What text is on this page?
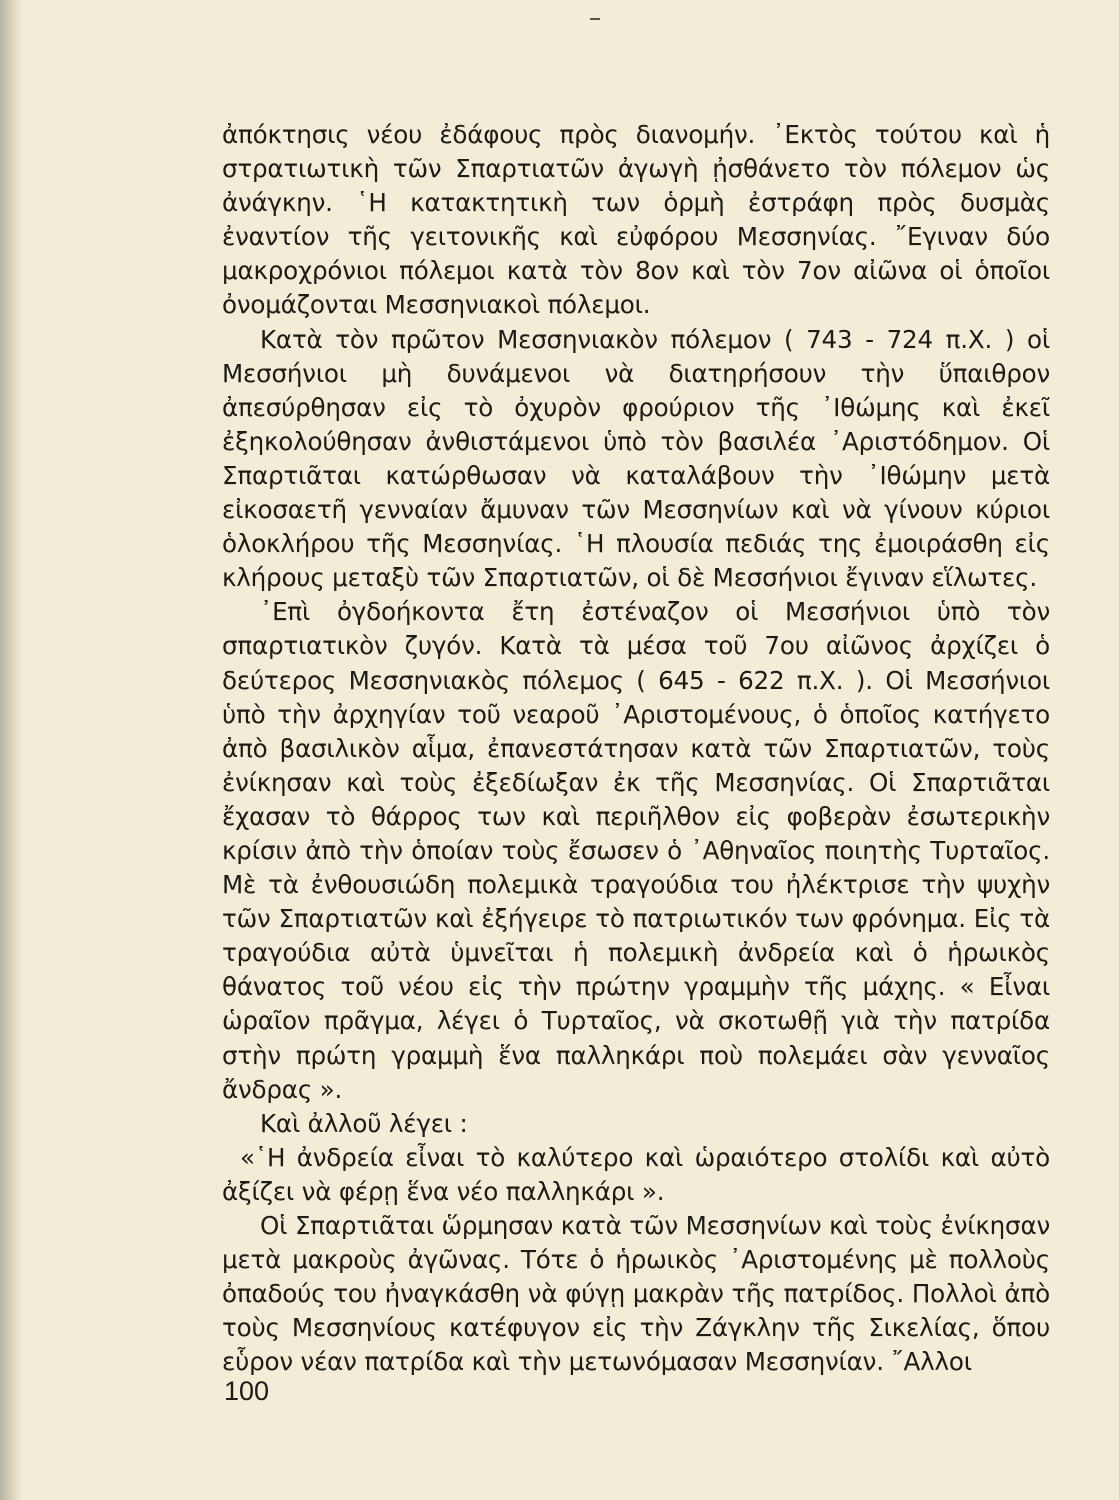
ἀπόκτησις νέου ἐδάφους πρὸς διανομήν. ᾿Εκτὸς τούτου καὶ ἡ στρατιωτικὴ τῶν Σπαρτιατῶν ἀγωγὴ ᾐσθάνετο τὸν πόλεμον ὡς ἀνάγκην. ῾Η κατακτητικὴ των ὁρμὴ ἐστράφη πρὸς δυσμὰς ἐναντίον τῆς γειτονικῆς καὶ εὐφόρου Μεσσηνίας. ῎Εγιναν δύο μακροχρόνιοι πόλεμοι κατὰ τὸν 8ον καὶ τὸν 7ον αἰῶνα οἱ ὁποῖοι ὀνομάζονται Μεσσηνιακοὶ πόλεμοι.

Κατὰ τὸν πρῶτον Μεσσηνιακὸν πόλεμον ( 743 - 724 π.Χ. ) οἱ Μεσσήνιοι μὴ δυνάμενοι νὰ διατηρήσουν τὴν ὕπαιθρον ἀπεσύρθησαν εἰς τὸ ὀχυρὸν φρούριον τῆς ᾿Ιθώμης καὶ ἐκεῖ ἐξηκολούθησαν ἀνθιστάμενοι ὑπὸ τὸν βασιλέα ᾿Αριστόδημον. Οἱ Σπαρτιᾶται κατώρθωσαν νὰ καταλάβουν τὴν ᾿Ιθώμην μετὰ εἰκοσαετῆ γενναίαν ἄμυναν τῶν Μεσσηνίων καὶ νὰ γίνουν κύριοι ὁλοκλήρου τῆς Μεσσηνίας. ῾Η πλουσία πεδιάς της ἐμοιράσθη εἰς κλήρους μεταξὺ τῶν Σπαρτιατῶν, οἱ δὲ Μεσσήνιοι ἔγιναν εἵλωτες.

᾿Επὶ ὀγδοήκοντα ἔτη ἐστέναζον οἱ Μεσσήνιοι ὑπὸ τὸν σπαρτιατικὸν ζυγόν. Κατὰ τὰ μέσα τοῦ 7ου αἰῶνος ἀρχίζει ὁ δεύτερος Μεσσηνιακὸς πόλεμος ( 645 - 622 π.Χ. ). Οἱ Μεσσήνιοι ὑπὸ τὴν ἀρχηγίαν τοῦ νεαροῦ ᾿Αριστομένους, ὁ ὁποῖος κατήγετο ἀπὸ βασιλικὸν αἷμα, ἐπανεστάτησαν κατὰ τῶν Σπαρτιατῶν, τοὺς ἐνίκησαν καὶ τοὺς ἐξεδίωξαν ἐκ τῆς Μεσσηνίας. Οἱ Σπαρτιᾶται ἔχασαν τὸ θάρρος των καὶ περιῆλθον εἰς φοβερὰν ἐσωτερικὴν κρίσιν ἀπὸ τὴν ὁποίαν τοὺς ἔσωσεν ὁ ᾿Αθηναῖος ποιητὴς Τυρταῖος. Μὲ τὰ ἐνθουσιώδη πολεμικὰ τραγούδια του ἠλέκτρισε τὴν ψυχὴν τῶν Σπαρτιατῶν καὶ ἐξήγειρε τὸ πατριωτικόν των φρόνημα. Εἰς τὰ τραγούδια αὐτὰ ὑμνεῖται ἡ πολεμικὴ ἀνδρεία καὶ ὁ ἡρωικὸς θάνατος τοῦ νέου εἰς τὴν πρώτην γραμμὴν τῆς μάχης. « Εἶναι ὡραῖον πρᾶγμα, λέγει ὁ Τυρταῖος, νὰ σκοτωθῇ γιὰ τὴν πατρίδα στὴν πρώτη γραμμὴ ἕνα παλληκάρι ποὺ πολεμάει σὰν γενναῖος ἄνδρας ».

Καὶ ἀλλοῦ λέγει :

«῾Η ἀνδρεία εἶναι τὸ καλύτερο καὶ ὡραιότερο στολίδι καὶ αὐτὸ ἀξίζει νὰ φέρῃ ἕνα νέο παλληκάρι ».

Οἱ Σπαρτιᾶται ὥρμησαν κατὰ τῶν Μεσσηνίων καὶ τοὺς ἐνίκησαν μετὰ μακροὺς ἀγῶνας. Τότε ὁ ἡρωικὸς ᾿Αριστομένης μὲ πολλοὺς ὀπαδούς του ἠναγκάσθη νὰ φύγῃ μακρὰν τῆς πατρίδος. Πολλοὶ ἀπὸ τοὺς Μεσσηνίους κατέφυγον εἰς τὴν Ζάγκλην τῆς Σικελίας, ὅπου εὗρον νέαν πατρίδα καὶ τὴν μετωνόμασαν Μεσσηνίαν. ῎Αλλοι

100
